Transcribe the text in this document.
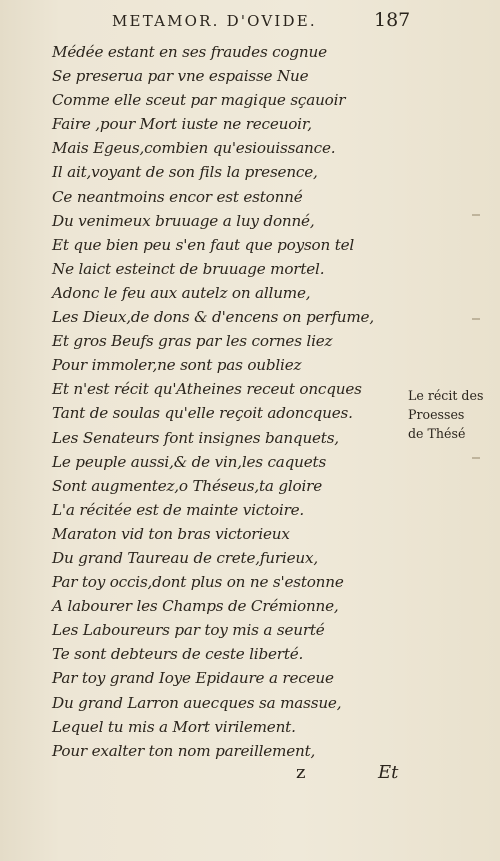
METAMOR. D'OVIDE.	187
Médée estant en ses fraudes cognue
Se preserua par vne espaisse Nue
Comme elle sceut par magique sçauoir
Faire ,pour Mort iuste ne receuoir,
Mais Egeus,combien qu'esiouissance.
Il ait,voyant de son fils la presence,
Ce neantmoins encor est estonné
Du venimeux bruuage a luy donné,
Et que bien peu s'en faut que poyson tel
Ne laict esteinct de bruuage mortel.
Adonc le feu aux autelz on allume,
Les Dieux,de dons & d'encens on perfume,
Et gros Beufs gras par les cornes liez
Pour immoler,ne sont pas oubliez
Et n'est récit qu'Atheines receut oncques
Tant de soulas qu'elle reçoit adoncques.
Les Senateurs font insignes banquets,
Le peuple aussi,& de vin,les caquets
Sont augmentez,o Théseus,ta gloire
L'a récitée est de mainte victoire.
Maraton vid ton bras victorieux
Du grand Taureau de crete,furieux,
Par toy occis,dont plus on ne s'estonne
A labourer les Champs de Crémionne,
Les Laboureurs par toy mis a seurté
Te sont debteurs de ceste liberté.
Par toy grand Ioye Epidaure a receue
Du grand Larron auecques sa massue,
Lequel tu mis a Mort virilement.
Pour exalter ton nom pareillement,
Le récit des
Proesses
de Thésé
z	Et
